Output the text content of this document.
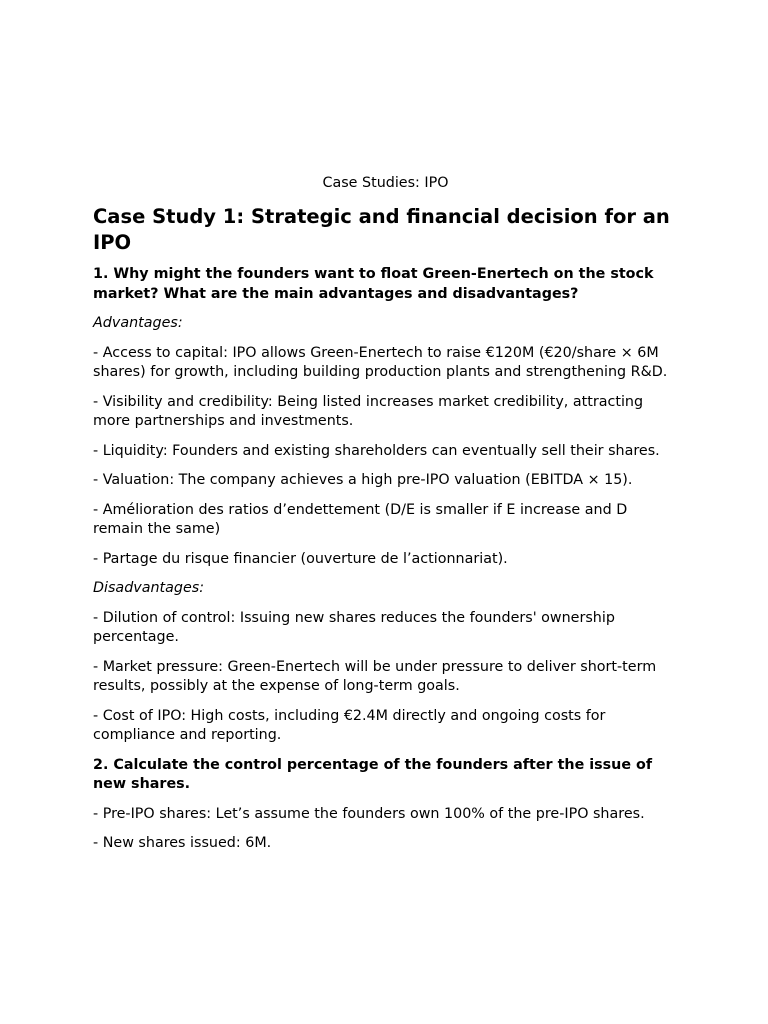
Case Studies: IPO

Case Study 1: Strategic and financial decision for an IPO

1. Why might the founders want to float Green-Enertech on the stock market? What are the main advantages and disadvantages?

Advantages:

- Access to capital: IPO allows Green-Enertech to raise €120M (€20/share × 6M shares) for growth, including building production plants and strengthening R&D.

- Visibility and credibility: Being listed increases market credibility, attracting more partnerships and investments.

- Liquidity: Founders and existing shareholders can eventually sell their shares.

- Valuation: The company achieves a high pre-IPO valuation (EBITDA × 15).

- Amélioration des ratios d’endettement (D/E is smaller if E increase and D remain the same)

- Partage du risque financier (ouverture de l’actionnariat).

Disadvantages:

- Dilution of control: Issuing new shares reduces the founders' ownership percentage.

- Market pressure: Green-Enertech will be under pressure to deliver short-term results, possibly at the expense of long-term goals.

- Cost of IPO: High costs, including €2.4M directly and ongoing costs for compliance and reporting.

2. Calculate the control percentage of the founders after the issue of new shares.

- Pre-IPO shares: Let’s assume the founders own 100% of the pre-IPO shares.

- New shares issued: 6M.
